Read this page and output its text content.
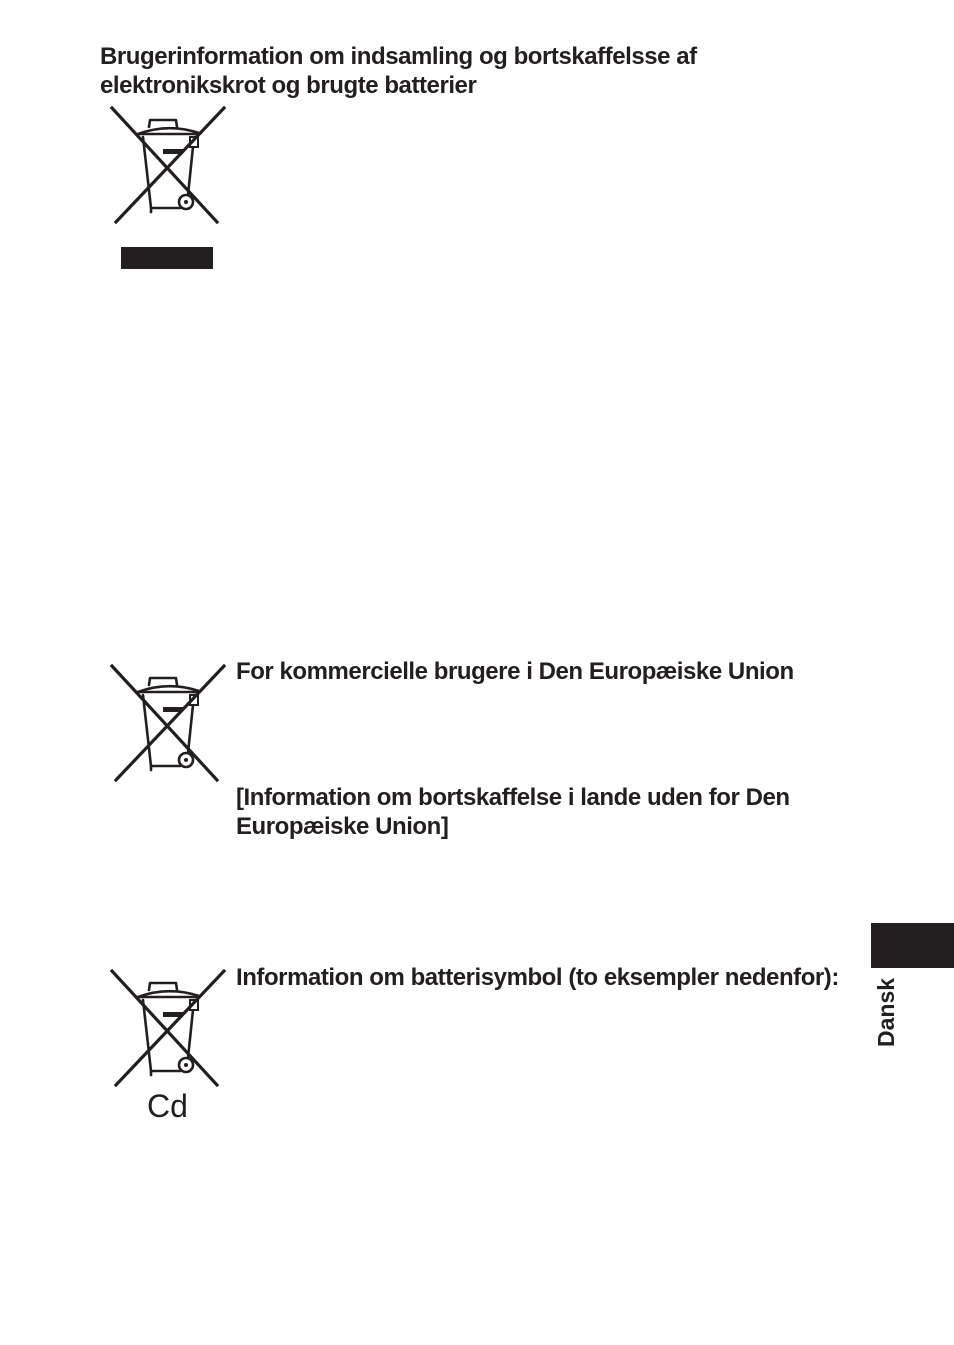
Brugerinformation om indsamling og bortskaffelsse af
elektronikskrot og brugte batterier
For kommercielle brugere i Den Europæiske Union
[Information om bortskaffelse i lande uden for Den
Europæiske Union]
Cd
Information om batterisymbol (to eksempler nedenfor):
Dansk
